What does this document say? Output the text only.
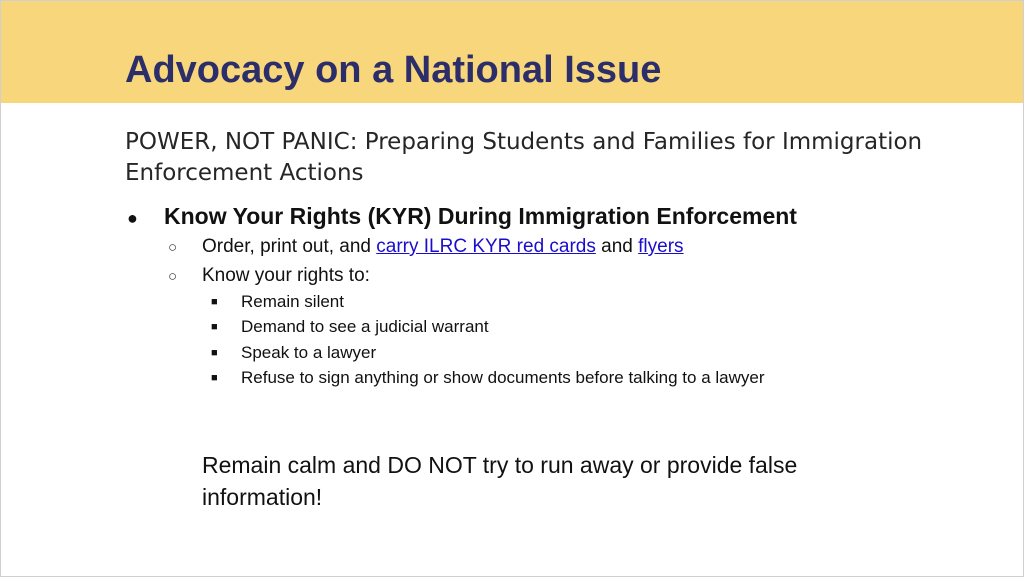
Advocacy on a National Issue

POWER, NOT PANIC: Preparing Students and Families for Immigration Enforcement Actions

● Know Your Rights (KYR) During Immigration Enforcement
○ Order, print out, and carry ILRC KYR red cards and flyers
○ Know your rights to:
■ Remain silent
■ Demand to see a judicial warrant
■ Speak to a lawyer
■ Refuse to sign anything or show documents before talking to a lawyer

Remain calm and DO NOT try to run away or provide false information!
